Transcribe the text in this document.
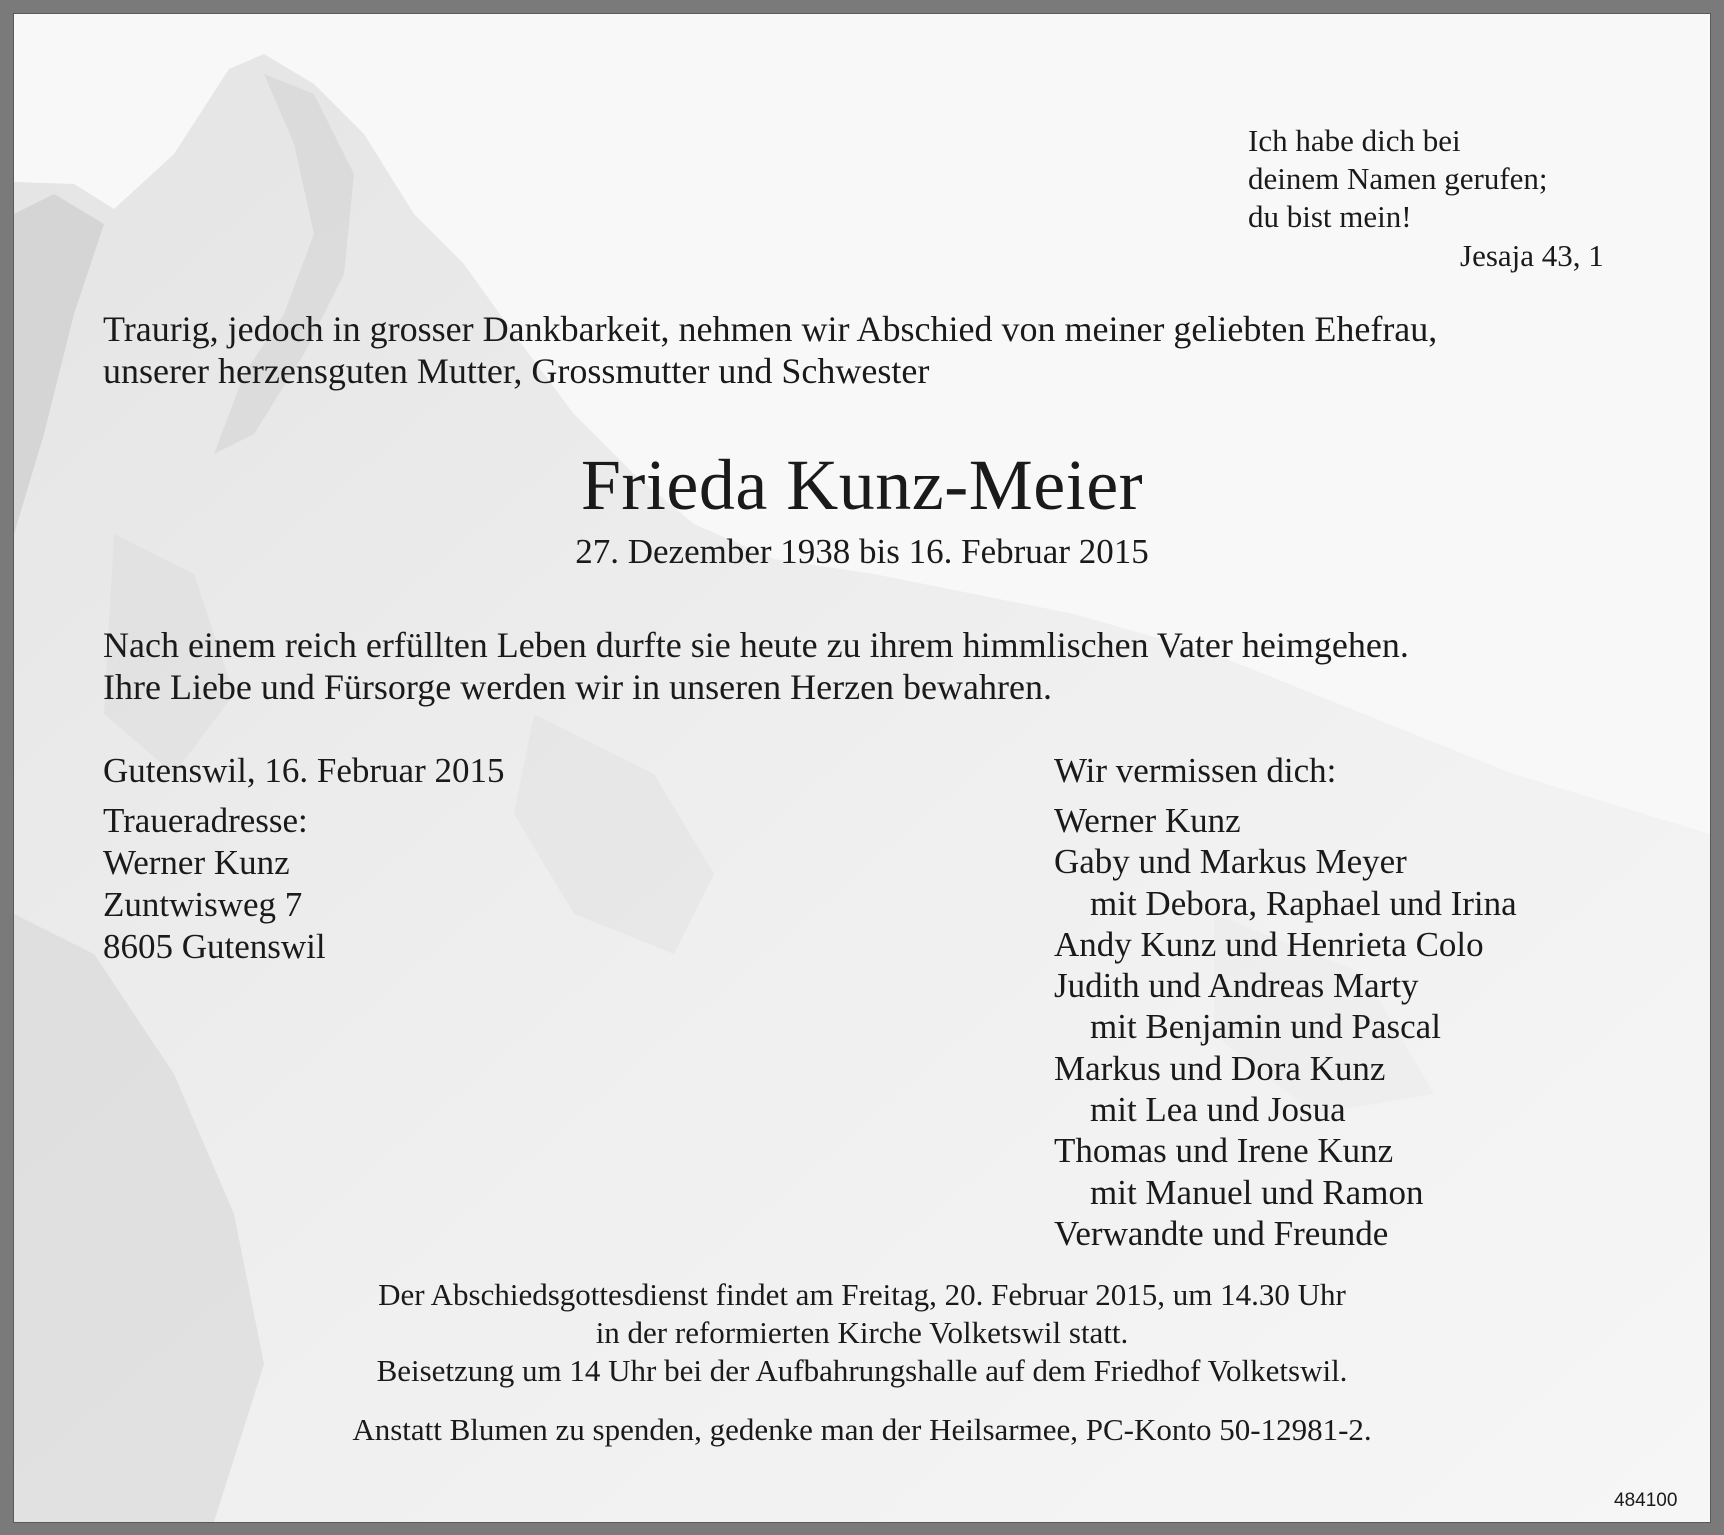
Ich habe dich bei
deinem Namen gerufen;
du bist mein!
Jesaja 43, 1
Traurig, jedoch in grosser Dankbarkeit, nehmen wir Abschied von meiner geliebten Ehefrau,
unserer herzensguten Mutter, Grossmutter und Schwester
Frieda Kunz-Meier
27. Dezember 1938 bis 16. Februar 2015
Nach einem reich erfüllten Leben durfte sie heute zu ihrem himmlischen Vater heimgehen.
Ihre Liebe und Fürsorge werden wir in unseren Herzen bewahren.
Gutenswil, 16. Februar 2015
Traueradresse:
Werner Kunz
Zuntwisweg 7
8605 Gutenswil
Wir vermissen dich:
Werner Kunz
Gaby und Markus Meyer
mit Debora, Raphael und Irina
Andy Kunz und Henrieta Colo
Judith und Andreas Marty
mit Benjamin und Pascal
Markus und Dora Kunz
mit Lea und Josua
Thomas und Irene Kunz
mit Manuel und Ramon
Verwandte und Freunde
Der Abschiedsgottesdienst findet am Freitag, 20. Februar 2015, um 14.30 Uhr
in der reformierten Kirche Volketswil statt.
Beisetzung um 14 Uhr bei der Aufbahrungshalle auf dem Friedhof Volketswil.
Anstatt Blumen zu spenden, gedenke man der Heilsarmee, PC-Konto 50-12981-2.
484100
